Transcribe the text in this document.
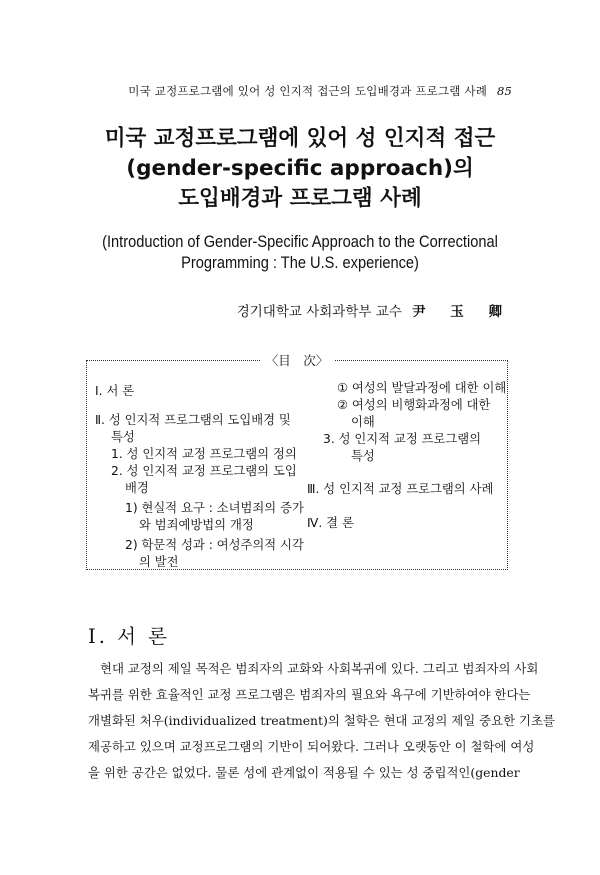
미국 교정프로그램에 있어 성 인지적 접근의 도입배경과 프로그램 사례 85
미국 교정프로그램에 있어 성 인지적 접근
(gender-specific approach)의
도입배경과 프로그램 사례
(Introduction of Gender-Specific Approach to the Correctional
Programming : The U.S. experience)
경기대학교 사회과학부 교수 尹 玉 卿
〈目　次〉
Ⅰ. 서 론
Ⅱ. 성 인지적 프로그램의 도입배경 및
특성
1. 성 인지적 교정 프로그램의 정의
2. 성 인지적 교정 프로그램의 도입
배경
1) 현실적 요구 : 소녀범죄의 증가
와 범죄예방법의 개정
2) 학문적 성과 : 여성주의적 시각
의 발전
① 여성의 발달과정에 대한 이해
② 여성의 비행화과정에 대한
이해
3. 성 인지적 교정 프로그램의
특성
Ⅲ. 성 인지적 교정 프로그램의 사례
Ⅳ. 결 론
Ⅰ. 서 론
현대 교정의 제일 목적은 범죄자의 교화와 사회복귀에 있다. 그리고 범죄자의 사회
복귀를 위한 효율적인 교정 프로그램은 범죄자의 필요와 욕구에 기반하여야 한다는
개별화된 처우(individualized treatment)의 철학은 현대 교정의 제일 중요한 기초를
제공하고 있으며 교정프로그램의 기반이 되어왔다. 그러나 오랫동안 이 철학에 여성
을 위한 공간은 없었다. 물론 성에 관계없이 적용될 수 있는 성 중립적인(gender
